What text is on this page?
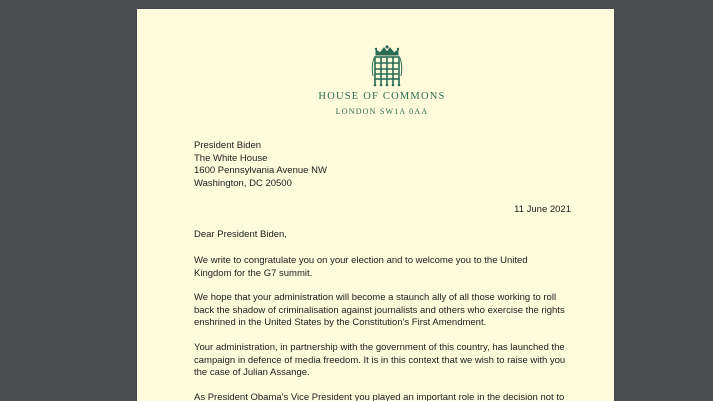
HOUSE OF COMMONS
LONDON SW1A 0AA
President Biden
The White House
1600 Pennsylvania Avenue NW
Washington, DC 20500
11 June 2021
Dear President Biden,
We write to congratulate you on your election and to welcome you to the United
Kingdom for the G7 summit.
We hope that your administration will become a staunch ally of all those working to roll
back the shadow of criminalisation against journalists and others who exercise the rights
enshrined in the United States by the Constitution's First Amendment.
Your administration, in partnership with the government of this country, has launched the
campaign in defence of media freedom. It is in this context that we wish to raise with you
the case of Julian Assange.
As President Obama's Vice President you played an important role in the decision not to
